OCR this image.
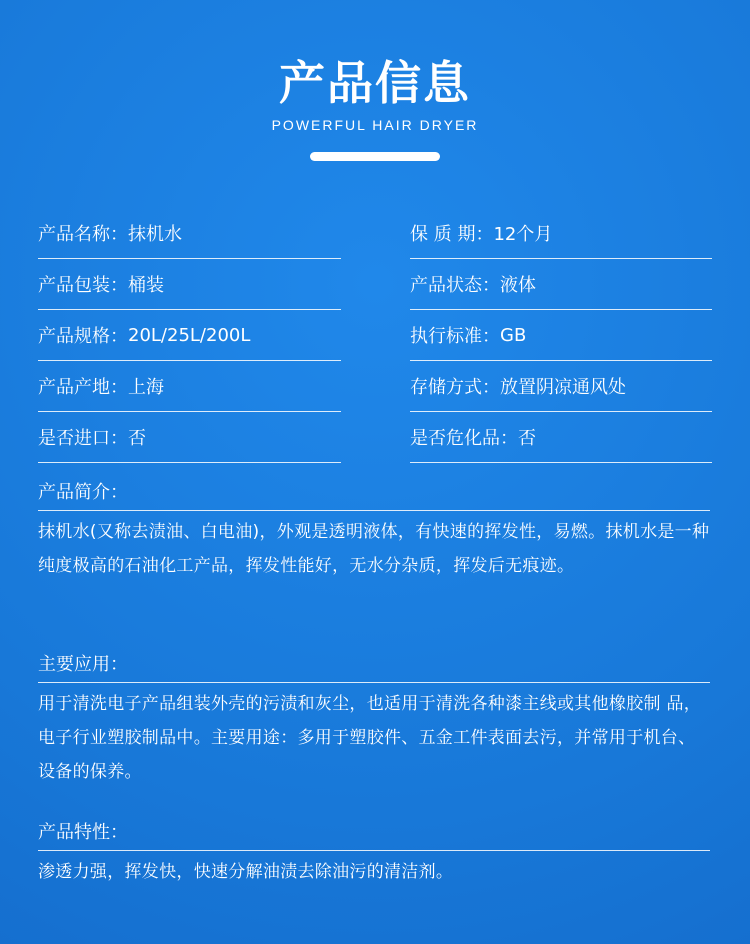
产品信息
POWERFUL HAIR DRYER
产品名称： 抹机水	保 质 期： 12个月
产品包装： 桶装	产品状态： 液体
产品规格： 20L/25L/200L	执行标准： GB
产品产地： 上海	存储方式： 放置阴凉通风处
是否进口： 否	是否危化品： 否
产品简介：
抹机水(又称去渍油、白电油)，外观是透明液体，有快速的挥发性，易燃。抹机水是一种纯度极高的石油化工产品，挥发性能好，无水分杂质，挥发后无痕迹。
主要应用：
用于清洗电子产品组装外壳的污渍和灰尘，也适用于清洗各种漆主线或其他橡胶制 品，电子行业塑胶制品中。主要用途：多用于塑胶件、五金工件表面去污，并常用于机台、设备的保养。
产品特性：
渗透力强，挥发快，快速分解油渍去除油污的清洁剂。
